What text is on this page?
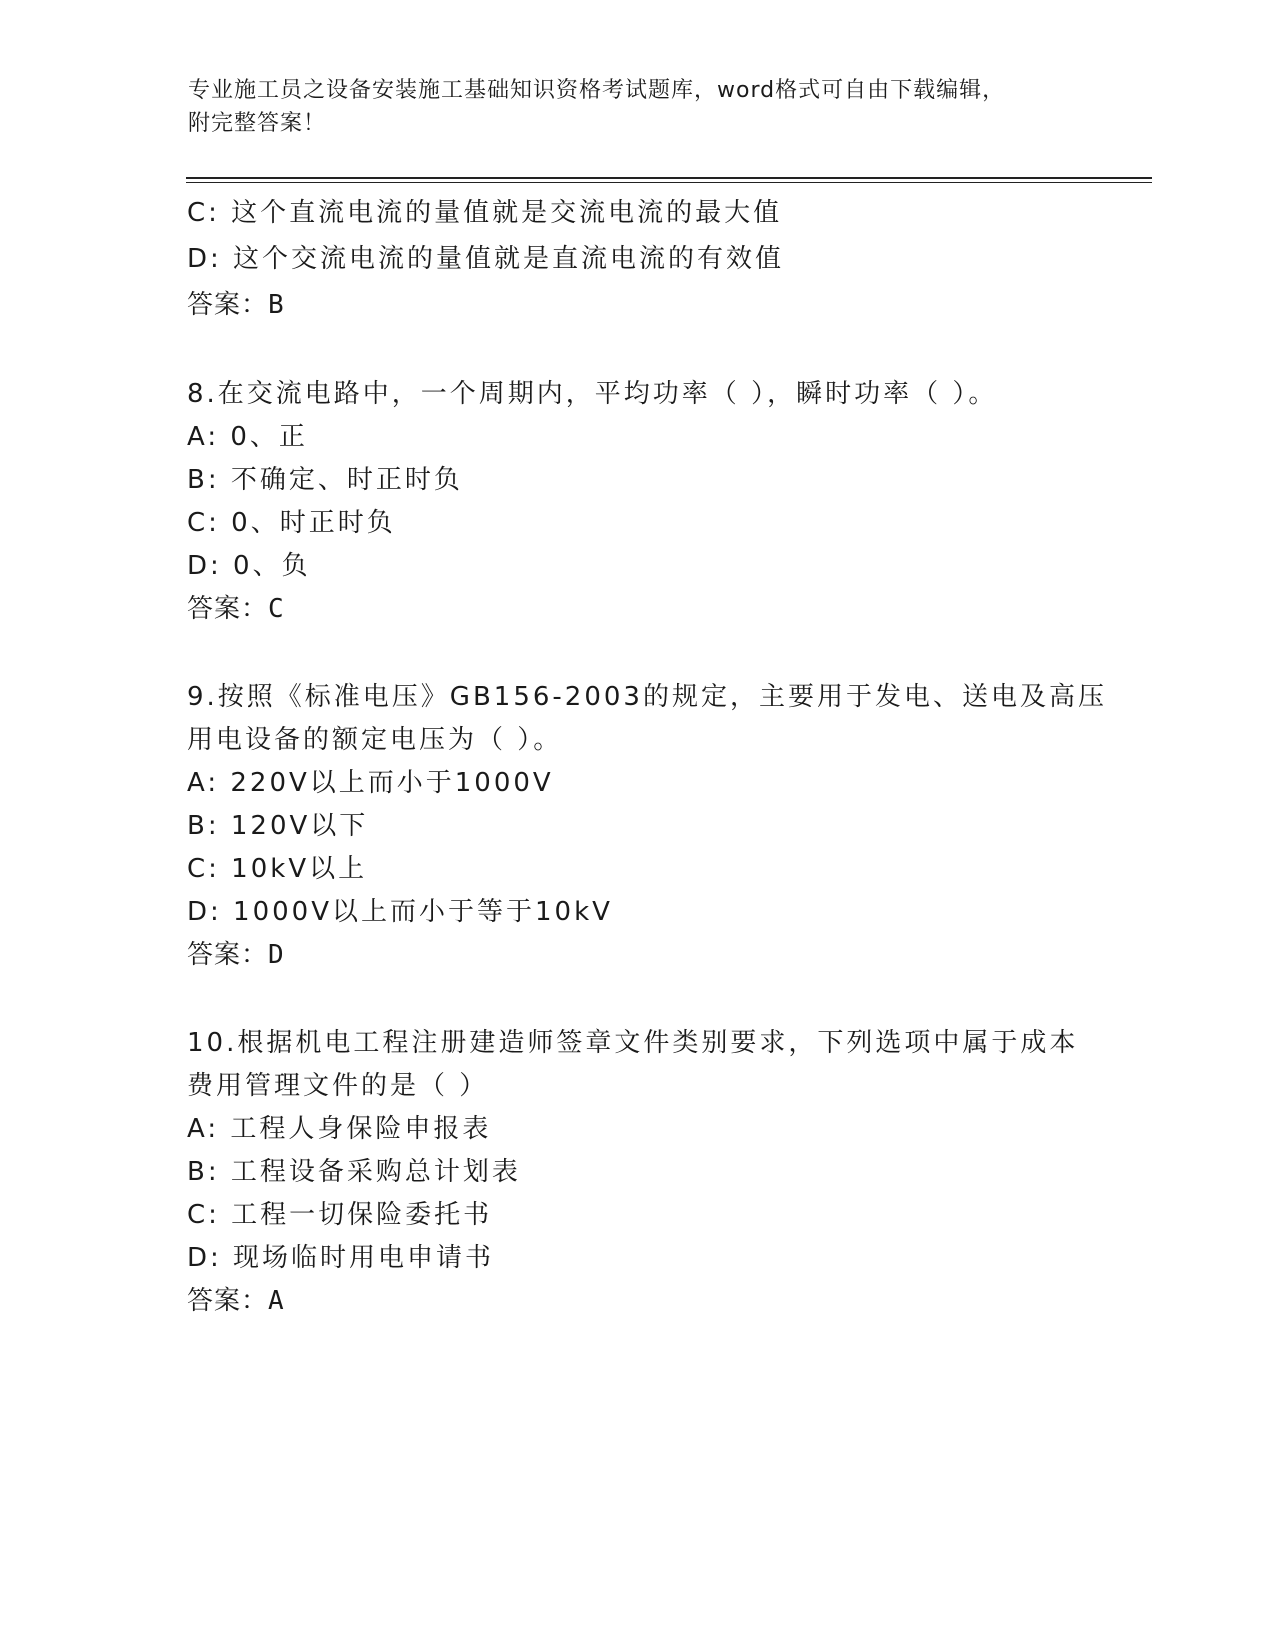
专业施工员之设备安装施工基础知识资格考试题库，word格式可自由下载编辑，
附完整答案！
C: 这个直流电流的量值就是交流电流的最大值
D: 这个交流电流的量值就是直流电流的有效值
答案：B
8.在交流电路中，一个周期内，平均功率（ ），瞬时功率（ ）。
A: 0、正
B: 不确定、时正时负
C: 0、时正时负
D: 0、负
答案：C
9.按照《标准电压》GB156-2003的规定，主要用于发电、送电及高压
用电设备的额定电压为（ ）。
A: 220V以上而小于1000V
B: 120V以下
C: 10kV以上
D: 1000V以上而小于等于10kV
答案：D
10.根据机电工程注册建造师签章文件类别要求，下列选项中属于成本
费用管理文件的是（ ）
A: 工程人身保险申报表
B: 工程设备采购总计划表
C: 工程一切保险委托书
D: 现场临时用电申请书
答案：A
